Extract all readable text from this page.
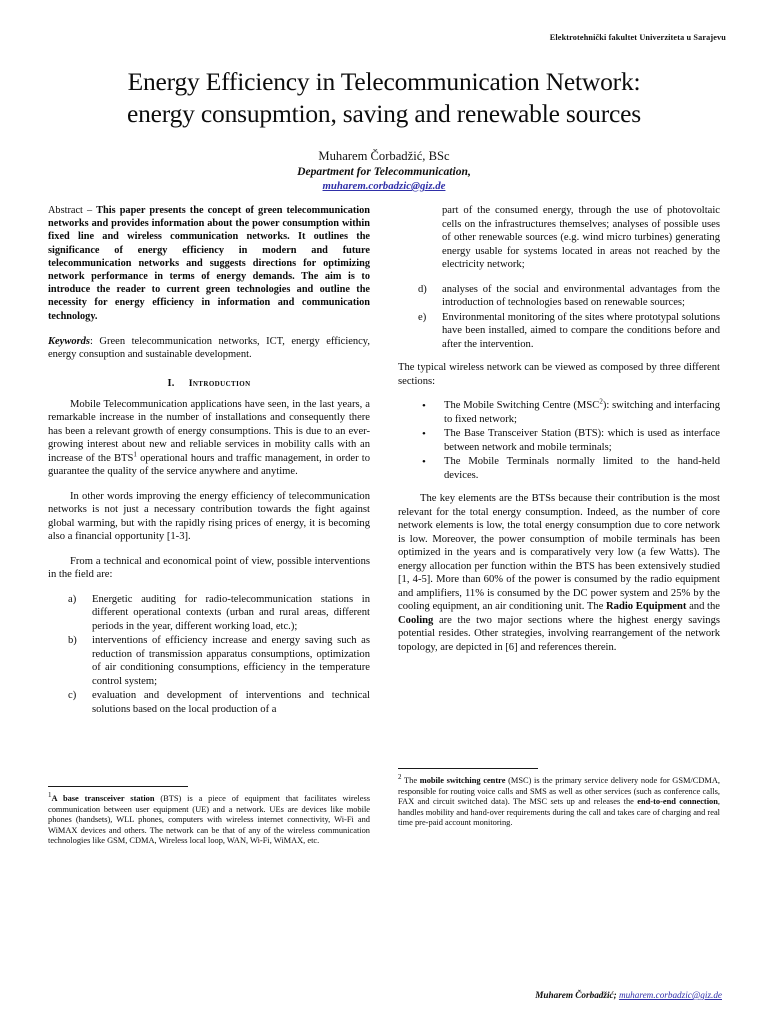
Elektrotehnički fakultet Univerziteta u Sarajevu
Energy Efficiency in Telecommunication Network:
energy consupmtion, saving and renewable sources
Muharem Čorbadžić, BSc
Department for Telecommunication,
muharem.corbadzic@giz.de

Abstract – This paper presents the concept of green telecommunication networks and provides information about the power consumption within fixed line and wireless communication networks. It outlines the significance of energy efficiency in modern and future telecommunication networks and suggests directions for optimizing network performance in terms of energy demands. The aim is to introduce the reader to current green technologies and outline the necessity for energy efficiency in information and communication technology.

Keywords: Green telecommunication networks, ICT, energy efficiency, energy consuption and sustainable development.

I. Introduction

Mobile Telecommunication applications have seen, in the last years, a remarkable increase in the number of installations and consequently there has been a relevant growth of energy consumptions. This is due to an ever-growing interest about new and reliable services in mobility calls with an increase of the BTS$^1$ operational hours and traffic management, in order to guarantee the quality of the service anywhere and anytime.

In other words improving the energy efficiency of telecommunication networks is not just a necessary contribution towards the fight against global warming, but with the rapidly rising prices of energy, it is becoming also a financial opportunity [1-3].

From a technical and economical point of view, possible interventions in the field are:

a)	Energetic auditing for radio-telecommunication stations in different operational contexts (urban and rural areas, different periods in the year, different working load, etc.);
b)	interventions of efficiency increase and energy saving such as reduction of transmission apparatus consumptions, optimization of air conditioning consumptions, efficiency in the temperature control system;
c)	evaluation and development of interventions and technical solutions based on the local production of a

part of the consumed energy, through the use of photovoltaic cells on the infrastructures themselves; analyses of possible uses of other renewable sources (e.g. wind micro turbines) generating energy usable for systems located in areas not reached by the electricity network;

d)	analyses of the social and environmental advantages from the introduction of technologies based on renewable sources;
e)	Environmental monitoring of the sites where prototypal solutions have been installed, aimed to compare the conditions before and after the intervention.

The typical wireless network can be viewed as composed by three different sections:

• The Mobile Switching Centre (MSC$^2$): switching and interfacing to fixed network;
• The Base Transceiver Station (BTS): which is used as interface between network and mobile terminals;
• The Mobile Terminals normally limited to the hand-held devices.

The key elements are the BTSs because their contribution is the most relevant for the total energy consumption. Indeed, as the number of core network elements is low, the total energy consumption due to core network is low. Moreover, the power consumption of mobile terminals has been optimized in the years and is comparatively very low (a few Watts). The energy allocation per function within the BTS has been extensively studied [1, 4-5]. More than 60% of the power is consumed by the radio equipment and amplifiers, 11% is consumed by the DC power system and 25% by the cooling equipment, an air conditioning unit. The Radio Equipment and the Cooling are the two major sections where the highest energy savings potential resides. Other strategies, involving rearrangement of the network topology, are depicted in [6] and references therein.

$^1$A base transceiver station (BTS) is a piece of equipment that facilitates wireless communication between user equipment (UE) and a network. UEs are devices like mobile phones (handsets), WLL phones, computers with wireless internet connectivity, Wi-Fi and WiMAX devices and others. The network can be that of any of the wireless communication technologies like GSM, CDMA, Wireless local loop, WAN, Wi-Fi, WiMAX, etc.
$^2$ The mobile switching centre (MSC) is the primary service delivery node for GSM/CDMA, responsible for routing voice calls and SMS as well as other services (such as conference calls, FAX and circuit switched data). The MSC sets up and releases the end-to-end connection, handles mobility and hand-over requirements during the call and takes care of charging and real time pre-paid account monitoring.
Muharem Čorbadžić; muharem.corbadzic@giz.de
